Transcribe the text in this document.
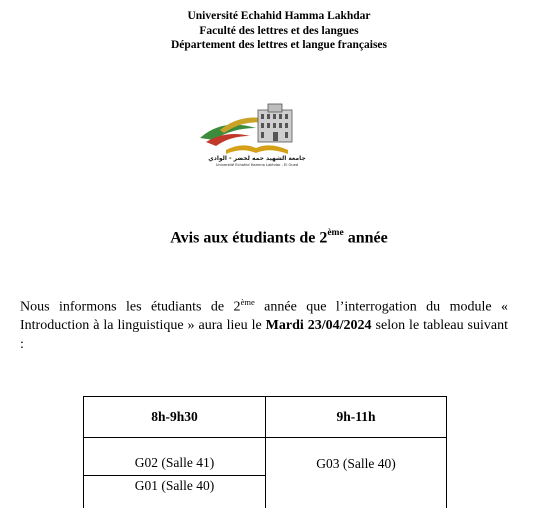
Université Echahid Hamma Lakhdar
Faculté des lettres et des langues
Département des lettres et langue françaises
جامعة الشهيد حمه لخضر - الوادي
Université Echahid Hamma Lakhdar - El Oued
Avis aux étudiants de 2ème année
Nous informons les étudiants de 2ème année que l’interrogation du module « Introduction à la linguistique » aura lieu le Mardi 23/04/2024 selon le tableau suivant :
8h-9h30	9h-11h
G02 (Salle 41)	G03 (Salle 40)
G01 (Salle 40)	
